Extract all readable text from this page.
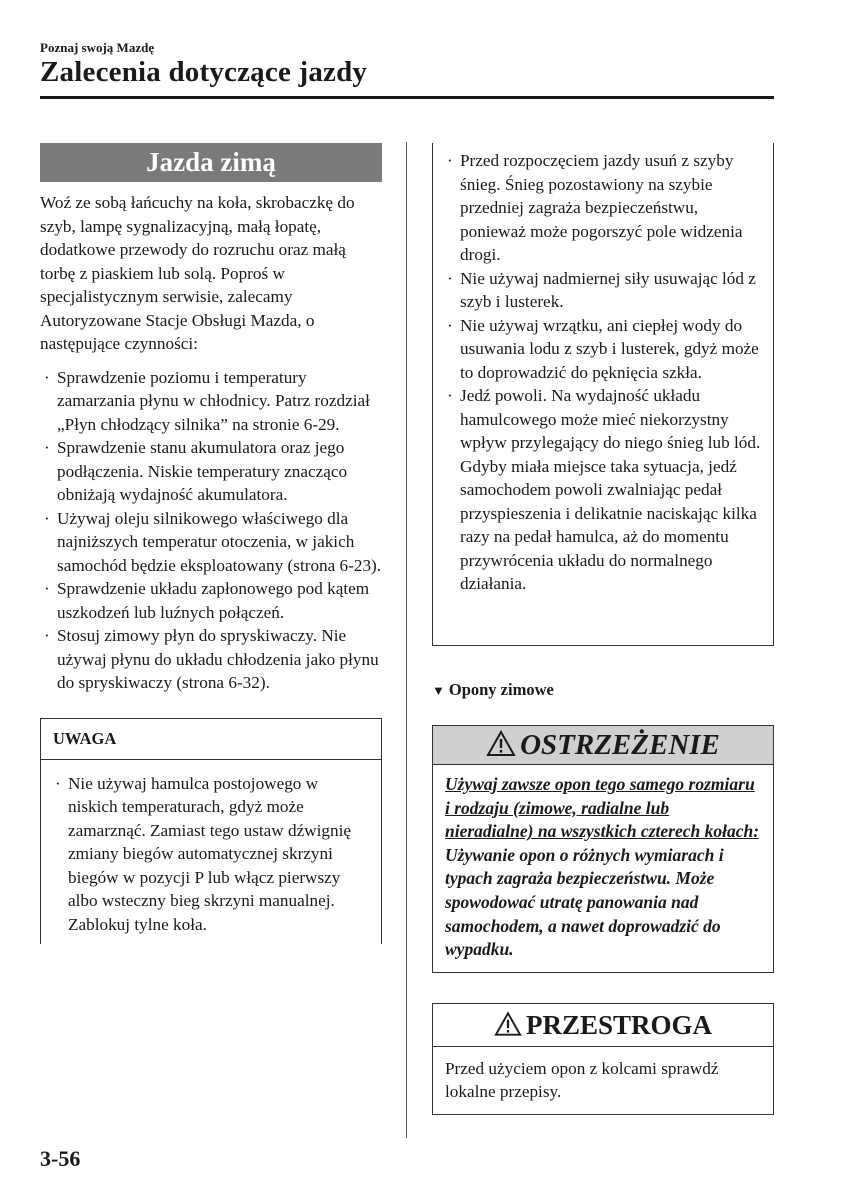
Poznaj swoją Mazdę
Zalecenia dotyczące jazdy
Jazda zimą
Woź ze sobą łańcuchy na koła, skrobaczkę do szyb, lampę sygnalizacyjną, małą łopatę, dodatkowe przewody do rozruchu oraz małą torbę z piaskiem lub solą. Poproś w specjalistycznym serwisie, zalecamy Autoryzowane Stacje Obsługi Mazda, o następujące czynności:
· Sprawdzenie poziomu i temperatury zamarzania płynu w chłodnicy. Patrz rozdział „Płyn chłodzący silnika” na stronie 6-29.
· Sprawdzenie stanu akumulatora oraz jego podłączenia. Niskie temperatury znacząco obniżają wydajność akumulatora.
· Używaj oleju silnikowego właściwego dla najniższych temperatur otoczenia, w jakich samochód będzie eksploatowany (strona 6-23).
· Sprawdzenie układu zapłonowego pod kątem uszkodzeń lub luźnych połączeń.
· Stosuj zimowy płyn do spryskiwaczy. Nie używaj płynu do układu chłodzenia jako płynu do spryskiwaczy (strona 6-32).
UWAGA
· Nie używaj hamulca postojowego w niskich temperaturach, gdyż może zamarznąć. Zamiast tego ustaw dźwignię zmiany biegów automatycznej skrzyni biegów w pozycji P lub włącz pierwszy albo wsteczny bieg skrzyni manualnej. Zablokuj tylne koła.
· Przed rozpoczęciem jazdy usuń z szyby śnieg. Śnieg pozostawiony na szybie przedniej zagraża bezpieczeństwu, ponieważ może pogorszyć pole widzenia drogi.
· Nie używaj nadmiernej siły usuwając lód z szyb i lusterek.
· Nie używaj wrzątku, ani ciepłej wody do usuwania lodu z szyb i lusterek, gdyż może to doprowadzić do pęknięcia szkła.
· Jedź powoli. Na wydajność układu hamulcowego może mieć niekorzystny wpływ przylegający do niego śnieg lub lód. Gdyby miała miejsce taka sytuacja, jedź samochodem powoli zwalniając pedał przyspieszenia i delikatnie naciskając kilka razy na pedał hamulca, aż do momentu przywrócenia układu do normalnego działania.
▼ Opony zimowe
OSTRZEŻENIE
Używaj zawsze opon tego samego rozmiaru i rodzaju (zimowe, radialne lub nieradialne) na wszystkich czterech kołach: Używanie opon o różnych wymiarach i typach zagraża bezpieczeństwu. Może spowodować utratę panowania nad samochodem, a nawet doprowadzić do wypadku.
PRZESTROGA
Przed użyciem opon z kolcami sprawdź lokalne przepisy.
3-56
